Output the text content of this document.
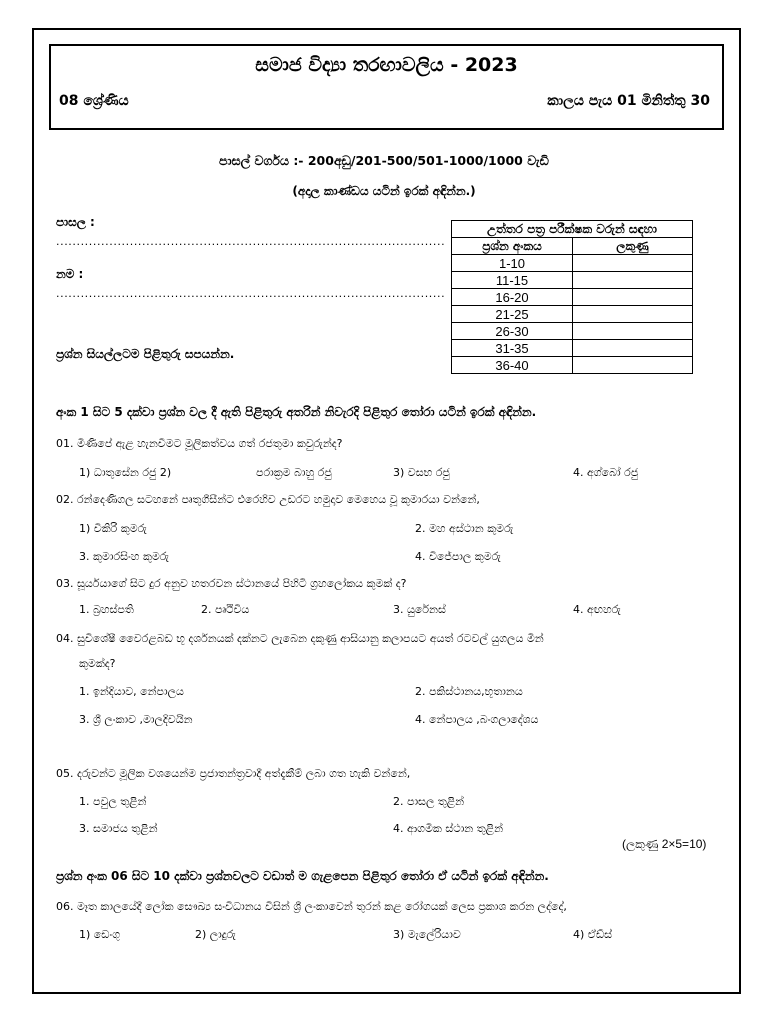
සමාජ විද්‍යා තරඟාවලිය - 2023
08 ශ්‍රේණිය	කාලය පැය 01 මිනිත්තු 30
පාසල් වර්ගය :- 200අඩු/201-500/501-1000/1000 වැඩි
(අදාල කාණ්ඩය යටින් ඉරක් අඳින්න.)
පාසල :
...............................................................................................
නම :
...............................................................................................
ප්‍රශ්න සියල්ලටම පිළිතුරු සපයන්න.
උත්තර පත්‍ර පරීක්ෂක වරුන් සඳහා	
ප්‍රශ්න අංකය	ලකුණු
1-10	
11-15	
16-20	
21-25	
26-30	
31-35	
36-40	
අංක 1 සිට 5 දක්වා ප්‍රශ්න වල දී ඇති පිළිතුරු අතරින් නිවැරදි පිළිතුර තෝරා යටින් ඉරක් අඳින්න.
01. මිණිපේ ඇළ හැනවීමට මූලිකත්වය ගත් රජතුමා කවුරුන්ද?
1) ධාතුසේන රජු 2)	පරාක්‍රම බාහු රජු	3) වසභ රජු	4. අග්බෝ රජු
02. රන්දෙණිගල සටහනේ පෘතුගීසීන්ට එරෙහිව උඩරට හමුදාව මෙහෙය වූ කුමාරයා වන්නේ,
1) විකිරි කුමරු	2. මහ අස්ථාන කුමරු
3. කුමාරසිංහ කුමරු	4. විජේපාල කුමරු
03. සූර්යයාගේ සිට දුර අනුව හතරවන ස්ථානයේ පිහිටි ග්‍රහලෝකය කුමක් ද?
1. බ්‍රහස්පති	2. පෘථිවිය	3. යුරේනස්	4. අඟහරු
04. සුවිශේෂී වෛරළබඩ භූ දර්ශනයක් දක්නට ලැබෙන දකුණු ආසියානු කලාපයට අයත් රටවල් යුගලය මින්
කුමක්ද?
1. ඉන්දියාව, නේපාලය	2. පකිස්ථානය,භූතානය
3. ශ්‍රී ලංකාව ,මාලදිවයින	4. නේපාලය ,බංගලාදේශය
05. දරුවන්ට මූලික වශයෙන්ම ප්‍රජාතන්ත්‍රවාදී අත්දැකීම් ලබා ගත හැකි වන්නේ,
1. පවුල තුළින්	2. පාසල තුළින්
3. සමාජය තුළින්	4. ආගමික ස්ථාන තුළින්
(ලකුණු 2×5=10)
ප්‍රශ්න අංක 06 සිට 10 දක්වා ප්‍රශ්නවලට වඩාත් ම ගැළපෙන පිළිතුර තෝරා ඒ යටින් ඉරක් අඳින්න.
06. මෑත කාලයේදී ලෝක සෞඛ්‍ය සංවිධානය විසින් ශ්‍රී ලංකාවෙන් තුරන් කළ රෝගයක් ලෙස ප්‍රකාශ කරන ලද්දේ,
1) ඩෙංගු	2) ලාදුරු	3) මැලේරියාව	4) ඒඩ්ස්
